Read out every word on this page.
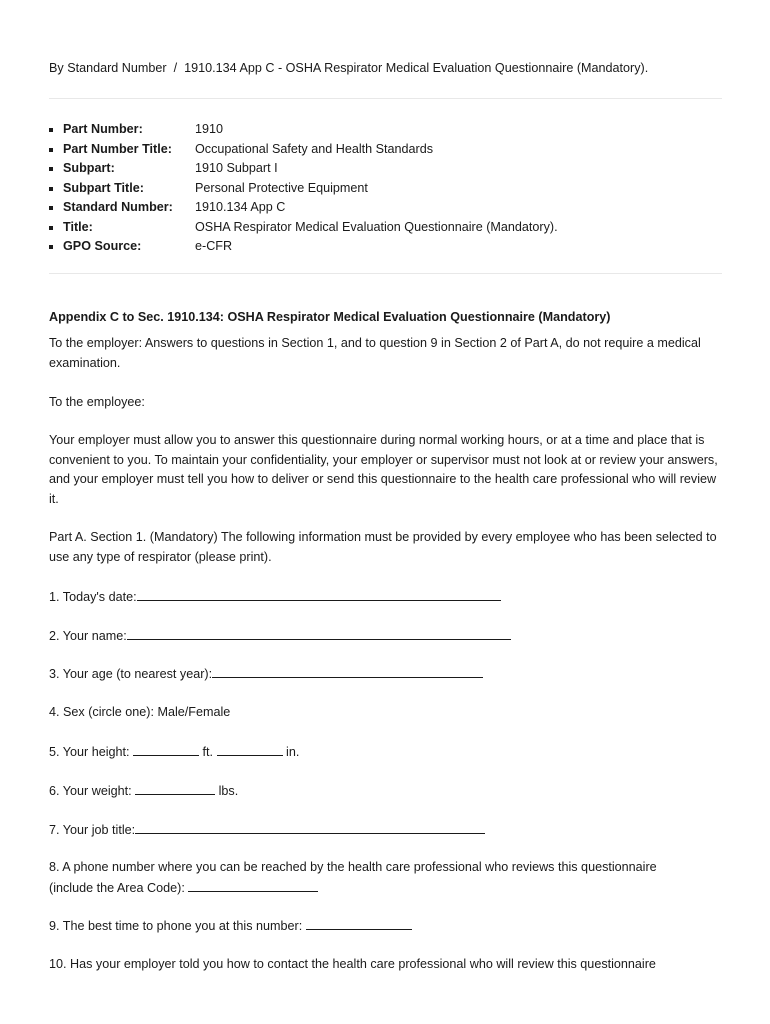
By Standard Number / 1910.134 App C - OSHA Respirator Medical Evaluation Questionnaire (Mandatory).
Part Number:	1910
Part Number Title: Occupational Safety and Health Standards
Subpart:	1910 Subpart I
Subpart Title:	Personal Protective Equipment
Standard Number: 1910.134 App C
Title:	OSHA Respirator Medical Evaluation Questionnaire (Mandatory).
GPO Source:	e-CFR

Appendix C to Sec. 1910.134: OSHA Respirator Medical Evaluation Questionnaire (Mandatory)

To the employer: Answers to questions in Section 1, and to question 9 in Section 2 of Part A, do not require a medical examination.

To the employee:

Your employer must allow you to answer this questionnaire during normal working hours, or at a time and place that is convenient to you. To maintain your confidentiality, your employer or supervisor must not look at or review your answers, and your employer must tell you how to deliver or send this questionnaire to the health care professional who will review it.

Part A. Section 1. (Mandatory) The following information must be provided by every employee who has been selected to use any type of respirator (please print).

1. Today's date:
2. Your name:
3. Your age (to nearest year):
4. Sex (circle one): Male/Female
5. Your height:	ft.	in.
6. Your weight:	lbs.
7. Your job title:

8. A phone number where you can be reached by the health care professional who reviews this questionnaire

(include the Area Code):

9. The best time to phone you at this number:

10. Has your employer told you how to contact the health care professional who will review this questionnaire
